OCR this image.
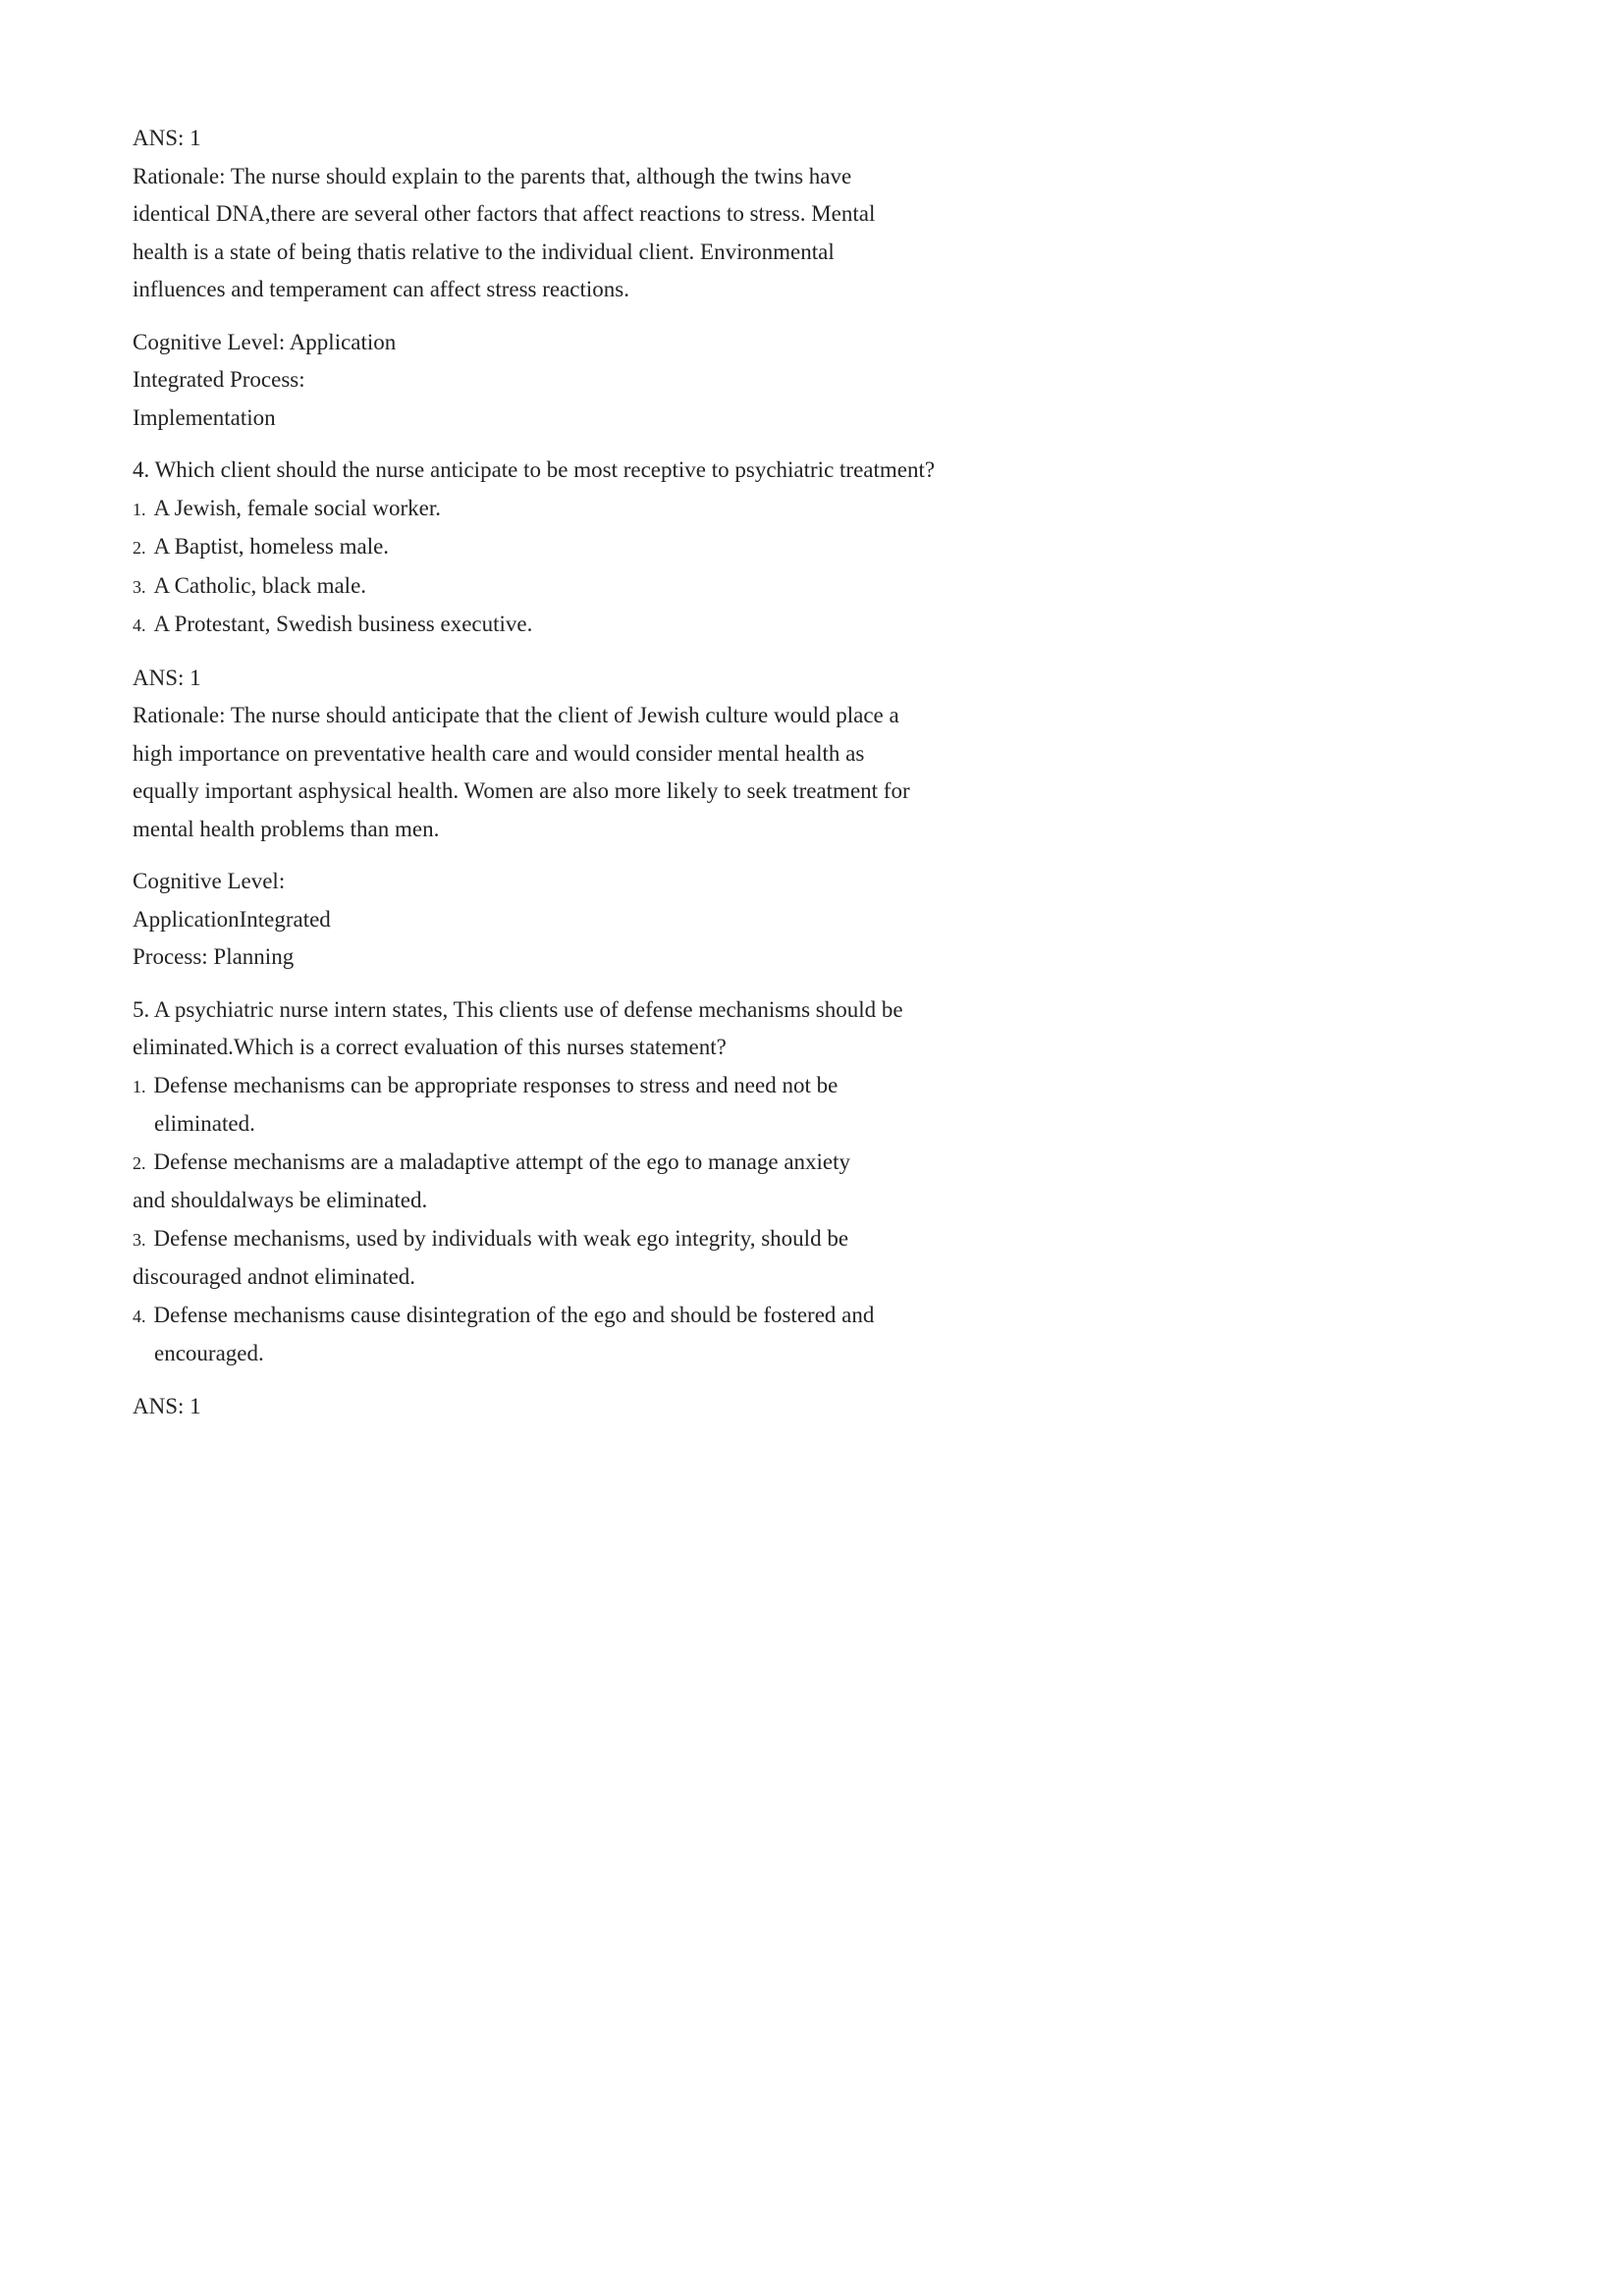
ANS: 1
Rationale: The nurse should explain to the parents that, although the twins have
identical DNA,there are several other factors that affect reactions to stress. Mental
health is a state of being thatis relative to the individual client. Environmental
influences and temperament can affect stress reactions.
Cognitive Level: Application
Integrated Process:
Implementation
4. Which client should the nurse anticipate to be most receptive to psychiatric treatment?
1. A Jewish, female social worker.
2. A Baptist, homeless male.
3. A Catholic, black male.
4. A Protestant, Swedish business executive.
ANS: 1
Rationale: The nurse should anticipate that the client of Jewish culture would place a
high importance on preventative health care and would consider mental health as
equally important asphysical health. Women are also more likely to seek treatment for
mental health problems than men.
Cognitive Level:
ApplicationIntegrated
Process: Planning
5. A psychiatric nurse intern states, This clients use of defense mechanisms should be
eliminated.Which is a correct evaluation of this nurses statement?
1. Defense mechanisms can be appropriate responses to stress and need not be
eliminated.
2. Defense mechanisms are a maladaptive attempt of the ego to manage anxiety
and shouldalways be eliminated.
3. Defense mechanisms, used by individuals with weak ego integrity, should be
discouraged andnot eliminated.
4. Defense mechanisms cause disintegration of the ego and should be fostered and
encouraged.
ANS: 1
